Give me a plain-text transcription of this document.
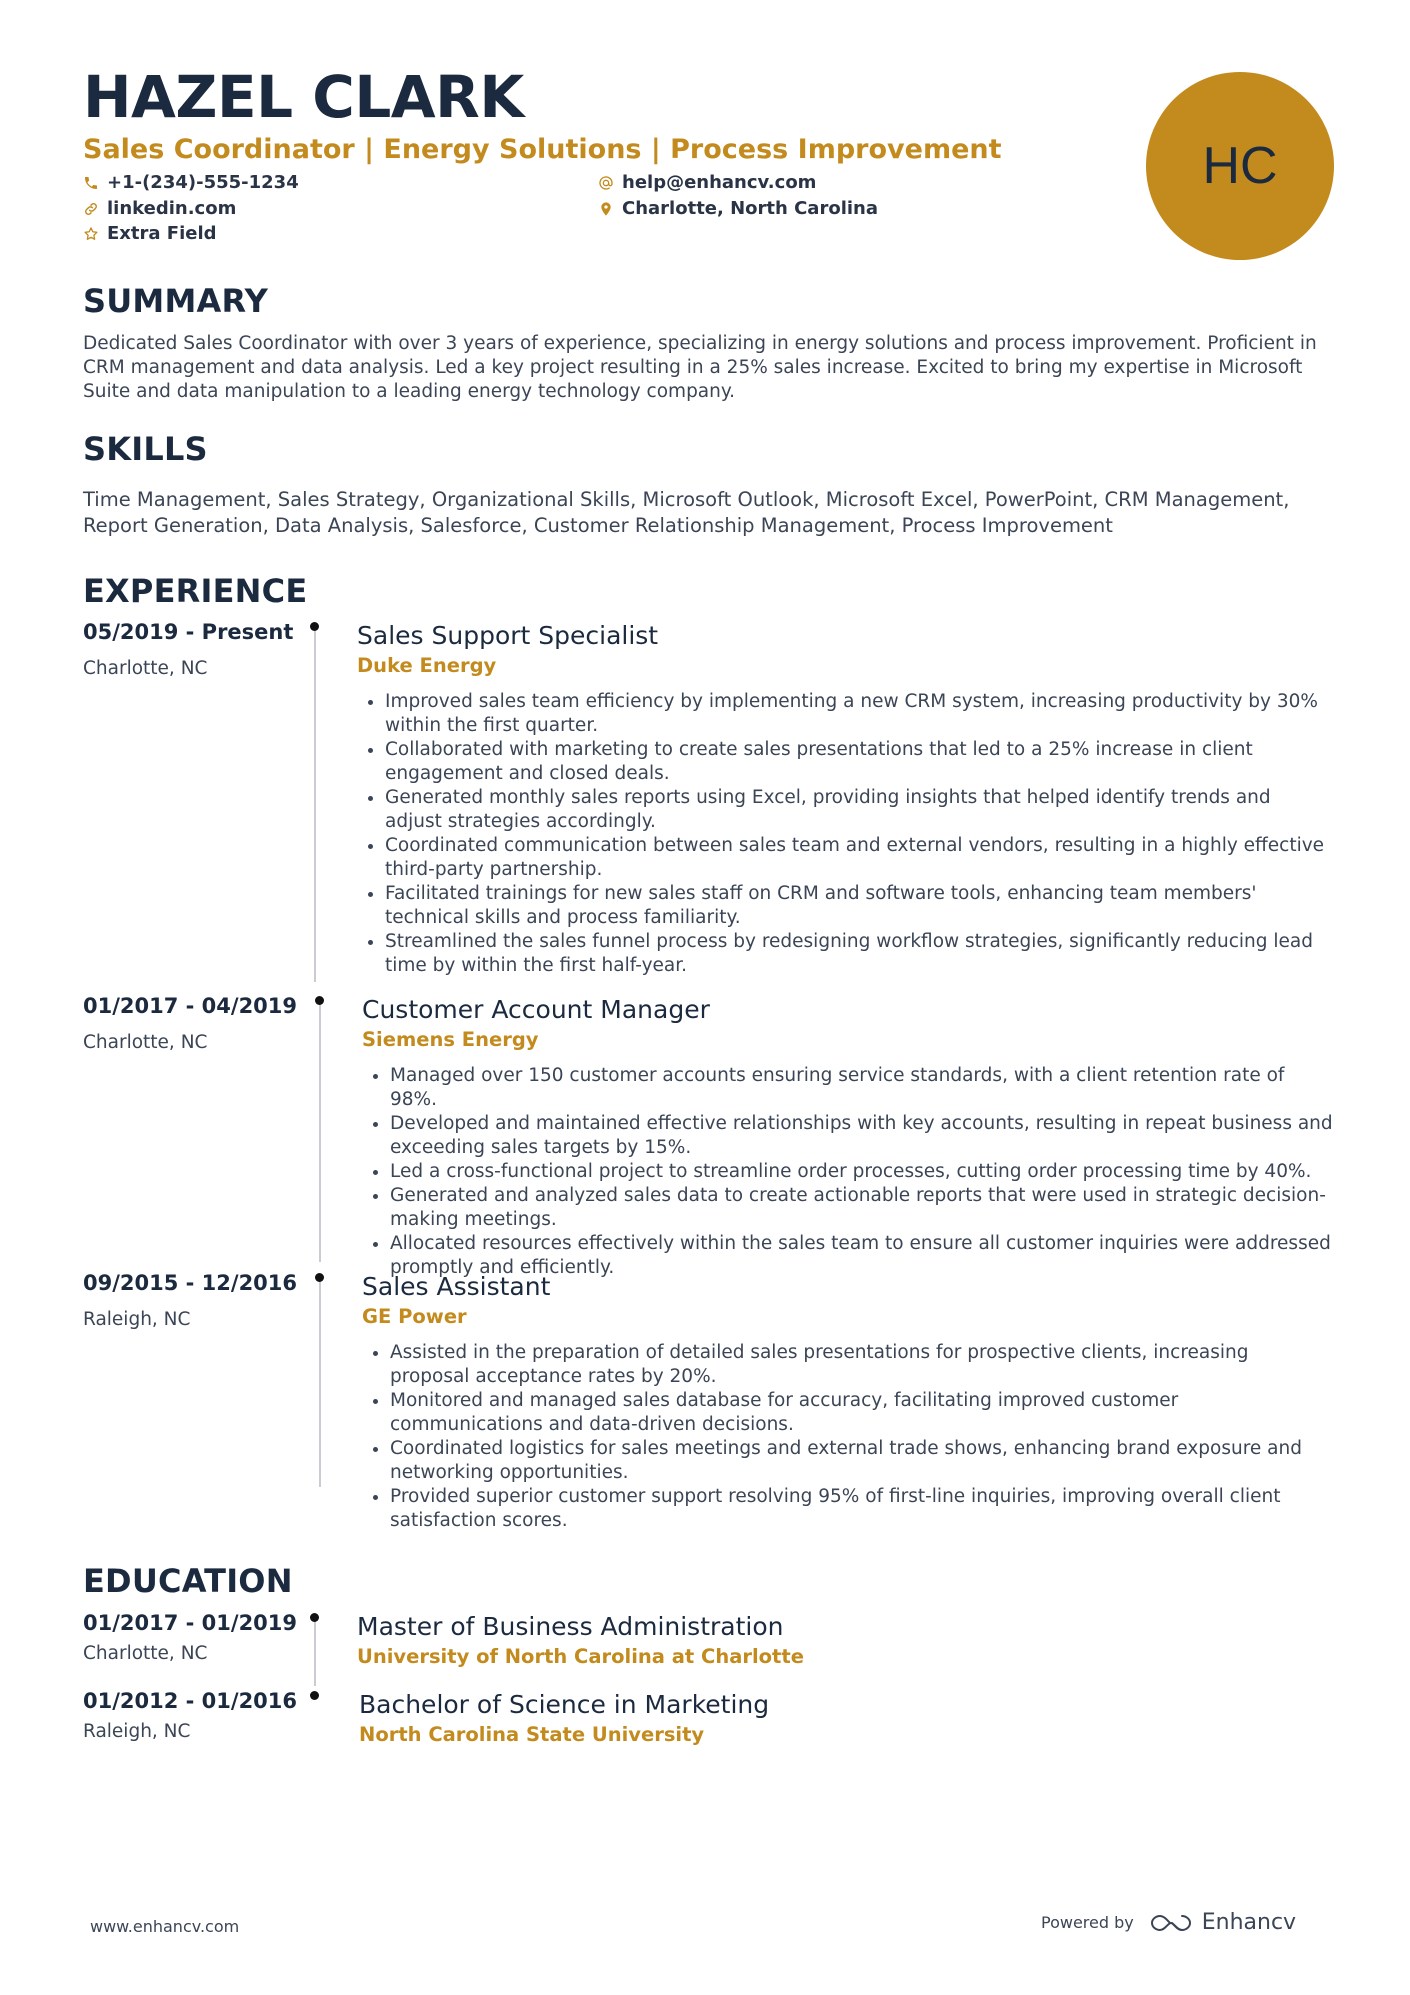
HAZEL CLARK
Sales Coordinator | Energy Solutions | Process Improvement
+1-(234)-555-1234	help@enhancv.com
linkedin.com	Charlotte, North Carolina
Extra Field
HC
SUMMARY

Dedicated Sales Coordinator with over 3 years of experience, specializing in energy solutions and process improvement. Proficient in CRM management and data analysis. Led a key project resulting in a 25% sales increase. Excited to bring my expertise in Microsoft Suite and data manipulation to a leading energy technology company.

SKILLS

Time Management, Sales Strategy, Organizational Skills, Microsoft Outlook, Microsoft Excel, PowerPoint, CRM Management, Report Generation, Data Analysis, Salesforce, Customer Relationship Management, Process Improvement

EXPERIENCE
05/2019 - Present
Charlotte, NC

Sales Support Specialist

Duke Energy

• Improved sales team efficiency by implementing a new CRM system, increasing productivity by 30% within the first quarter.
• Collaborated with marketing to create sales presentations that led to a 25% increase in client engagement and closed deals.
• Generated monthly sales reports using Excel, providing insights that helped identify trends and adjust strategies accordingly.
• Coordinated communication between sales team and external vendors, resulting in a highly effective third-party partnership.
• Facilitated trainings for new sales staff on CRM and software tools, enhancing team members' technical skills and process familiarity.
• Streamlined the sales funnel process by redesigning workflow strategies, significantly reducing lead time by within the first half-year.
01/2017 - 04/2019
Charlotte, NC

Customer Account Manager

Siemens Energy

• Managed over 150 customer accounts ensuring service standards, with a client retention rate of 98%.
• Developed and maintained effective relationships with key accounts, resulting in repeat business and exceeding sales targets by 15%.
• Led a cross-functional project to streamline order processes, cutting order processing time by 40%.
• Generated and analyzed sales data to create actionable reports that were used in strategic decision-making meetings.
• Allocated resources effectively within the sales team to ensure all customer inquiries were addressed promptly and efficiently.
09/2015 - 12/2016
Raleigh, NC

Sales Assistant

GE Power

• Assisted in the preparation of detailed sales presentations for prospective clients, increasing proposal acceptance rates by 20%.
• Monitored and managed sales database for accuracy, facilitating improved customer communications and data-driven decisions.
• Coordinated logistics for sales meetings and external trade shows, enhancing brand exposure and networking opportunities.
• Provided superior customer support resolving 95% of first-line inquiries, improving overall client satisfaction scores.
EDUCATION
01/2017 - 01/2019
Charlotte, NC

Master of Business Administration

University of North Carolina at Charlotte

01/2012 - 01/2016
Raleigh, NC

Bachelor of Science in Marketing

North Carolina State University

www.enhancv.com	Powered by	Enhancv
